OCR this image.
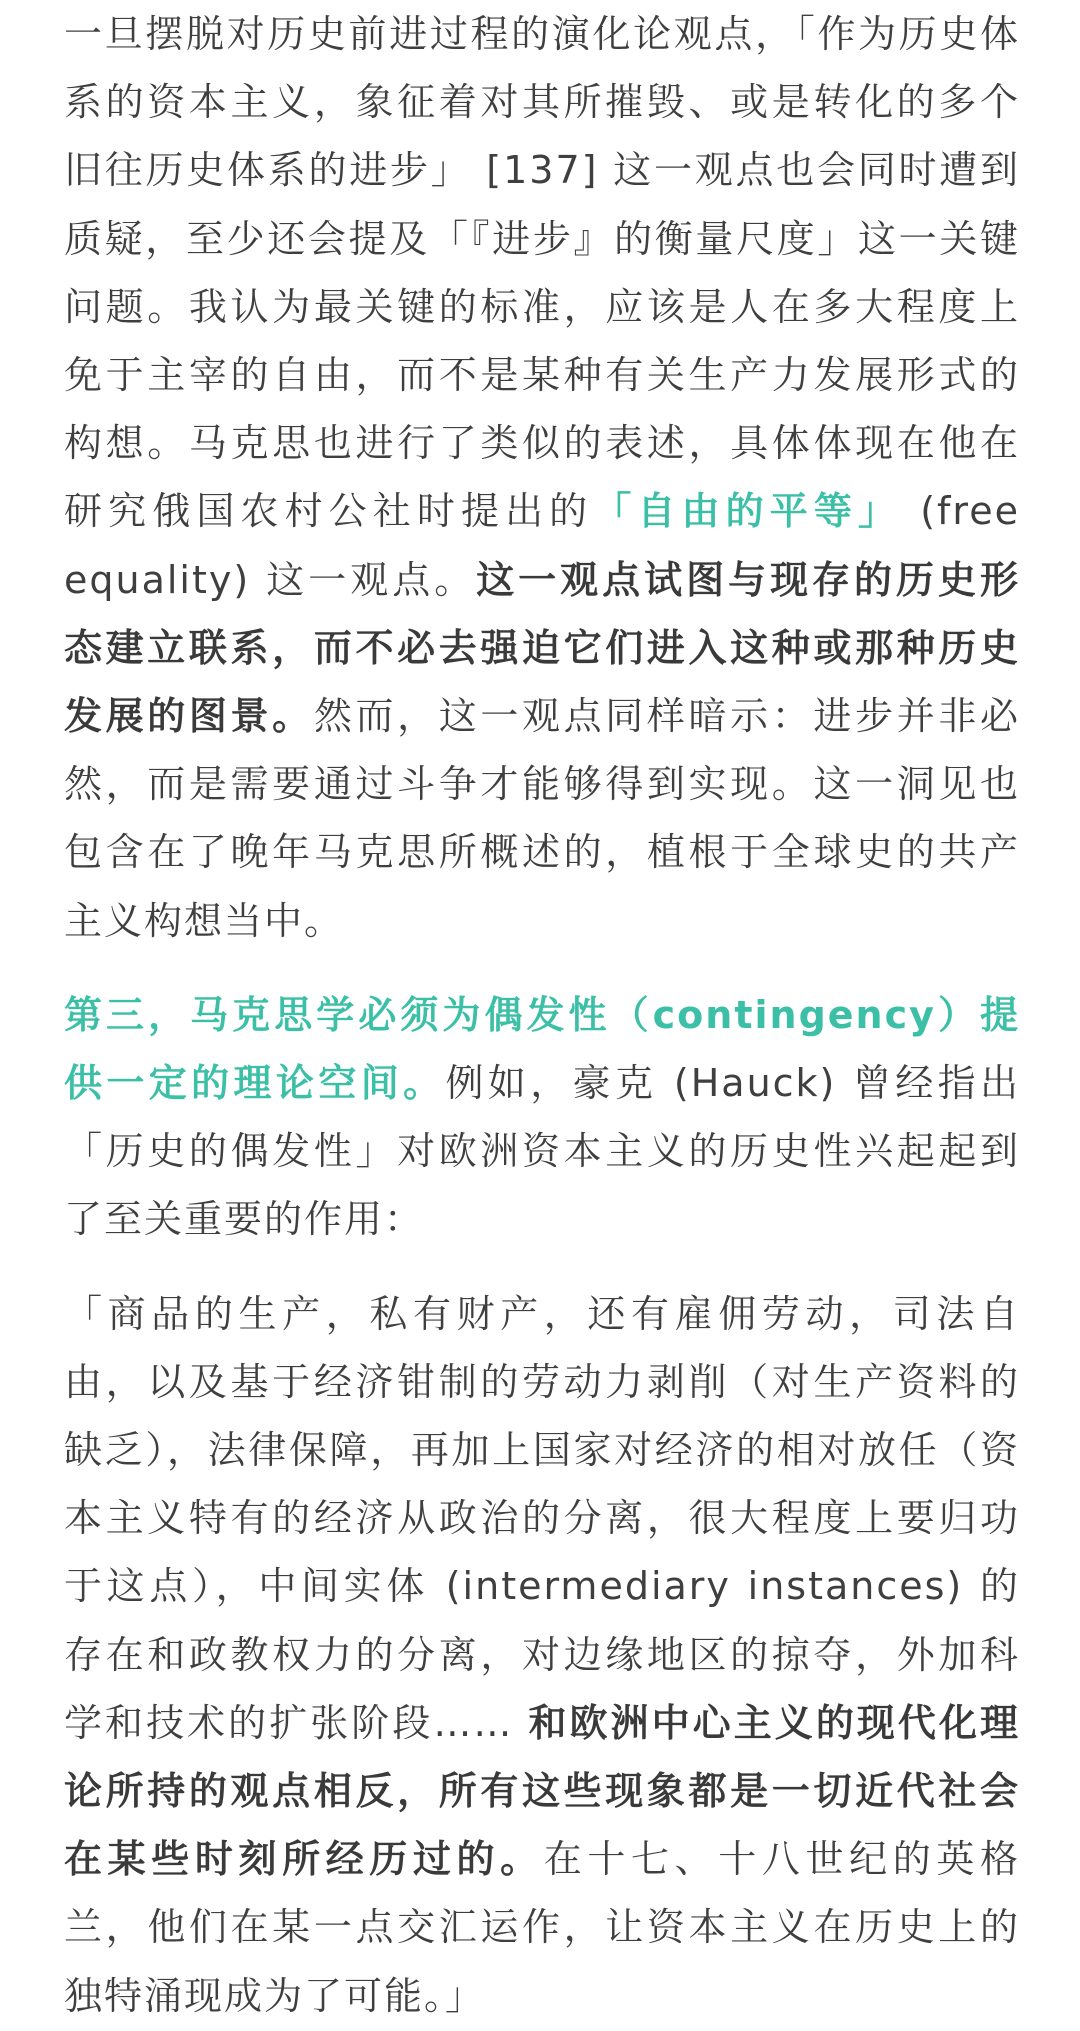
一旦摆脱对历史前进过程的演化论观点，「作为历史体系的资本主义，象征着对其所摧毁、或是转化的多个旧往历史体系的进步」 [137] 这一观点也会同时遭到质疑，至少还会提及「『进步』的衡量尺度」这一关键问题。我认为最关键的标准，应该是人在多大程度上免于主宰的自由，而不是某种有关生产力发展形式的构想。马克思也进行了类似的表述，具体体现在他在研究俄国农村公社时提出的「自由的平等」 (free equality) 这一观点。这一观点试图与现存的历史形态建立联系，而不必去强迫它们进入这种或那种历史发展的图景。然而，这一观点同样暗示：进步并非必然，而是需要通过斗争才能够得到实现。这一洞见也包含在了晚年马克思所概述的，植根于全球史的共产主义构想当中。

第三，马克思学必须为偶发性（contingency）提供一定的理论空间。例如，豪克 (Hauck) 曾经指出「历史的偶发性」对欧洲资本主义的历史性兴起起到了至关重要的作用：

「商品的生产，私有财产，还有雇佣劳动，司法自由，以及基于经济钳制的劳动力剥削（对生产资料的缺乏），法律保障，再加上国家对经济的相对放任（资本主义特有的经济从政治的分离，很大程度上要归功于这点），中间实体 (intermediary instances) 的存在和政教权力的分离，对边缘地区的掠夺，外加科学和技术的扩张阶段…… 和欧洲中心主义的现代化理论所持的观点相反，所有这些现象都是一切近代社会在某些时刻所经历过的。在十七、十八世纪的英格兰，他们在某一点交汇运作，让资本主义在历史上的独特涌现成为了可能。」
